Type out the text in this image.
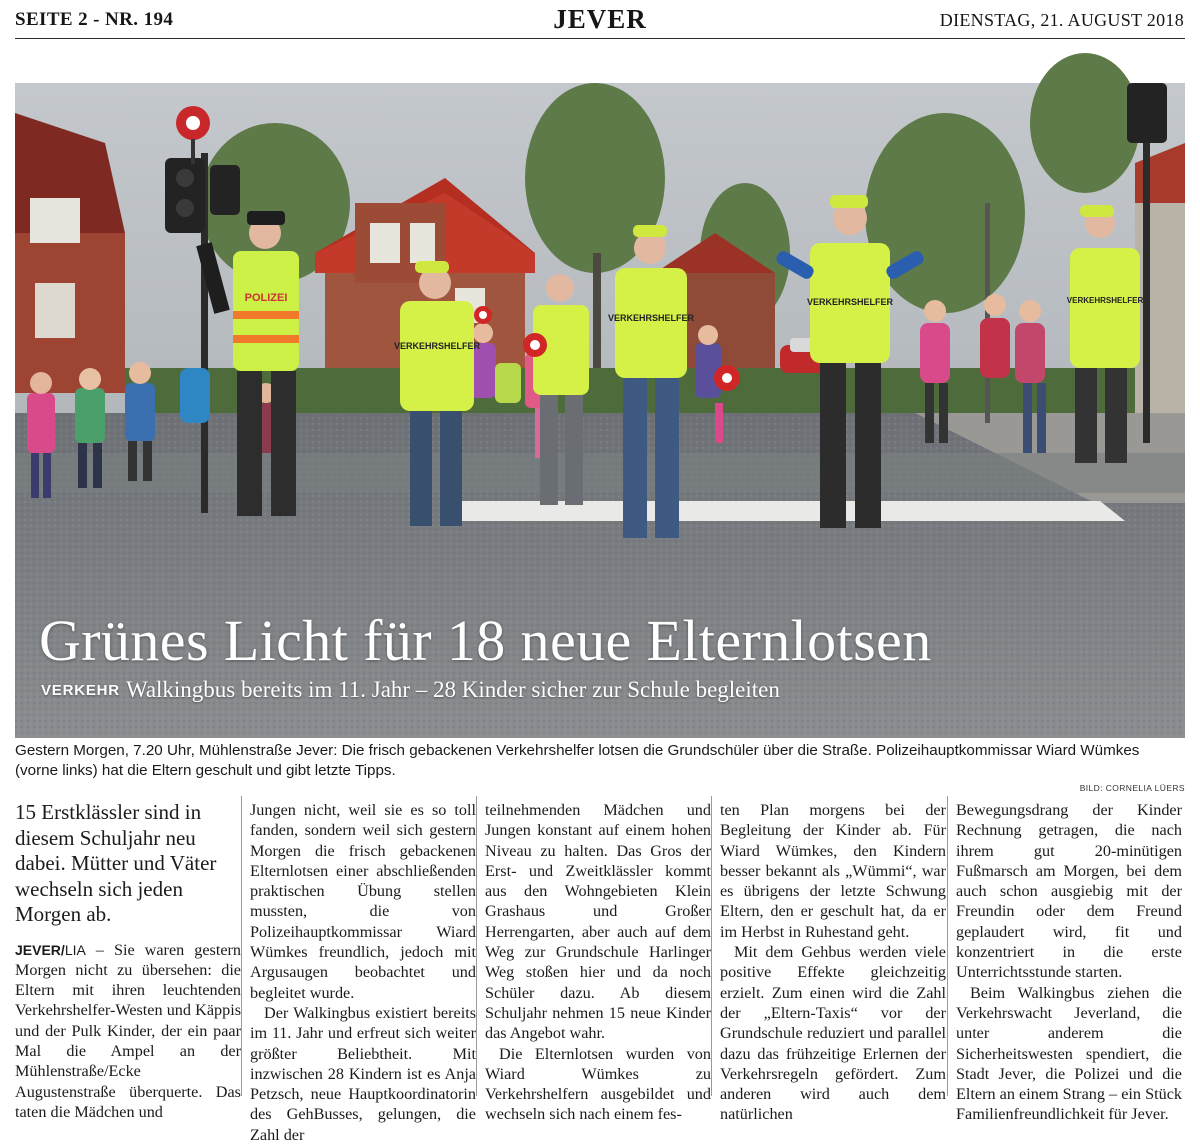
SEITE 2 - NR. 194	JEVER	DIENSTAG, 21. AUGUST 2018
POLIZEI
VERKEHRSHELFER
VERKEHRSHELFER
VERKEHRSHELFER	VERKEHRSHELFER
Grünes Licht für 18 neue Elternlotsen
VERKEHR Walkingbus bereits im 11. Jahr – 28 Kinder sicher zur Schule begleiten
Gestern Morgen, 7.20 Uhr, Mühlenstraße Jever: Die frisch gebackenen Verkehrshelfer lotsen die Grundschüler über die Straße. Polizeihauptkommissar Wiard Wümkes (vorne links) hat die Eltern geschult und gibt letzte Tipps.
BILD: CORNELIA LÜERS

15 Erstklässler sind in diesem Schuljahr neu dabei. Mütter und Väter wechseln sich jeden Morgen ab.

JEVER/LIA – Sie waren gestern Morgen nicht zu übersehen: die Eltern mit ihren leuchtenden Verkehrshelfer-Westen und Käppis und der Pulk Kinder, der ein paar Mal die Ampel an der Mühlenstraße/Ecke Augustenstraße überquerte. Das taten die Mädchen und

Jungen nicht, weil sie es so toll fanden, sondern weil sich gestern Morgen die frisch gebackenen Elternlotsen einer abschließenden praktischen Übung stellen mussten, die von Polizeihauptkommissar Wiard Wümkes freundlich, jedoch mit Argusaugen beobachtet und begleitet wurde.

Der Walkingbus existiert bereits im 11. Jahr und erfreut sich weiter größter Beliebtheit. Mit inzwischen 28 Kindern ist es Anja Petzsch, neue Hauptkoordinatorin des GehBusses, gelungen, die Zahl der

teilnehmenden Mädchen und Jungen konstant auf einem hohen Niveau zu halten. Das Gros der Erst- und Zweitklässler kommt aus den Wohngebieten Klein Grashaus und Großer Herrengarten, aber auch auf dem Weg zur Grundschule Harlinger Weg stoßen hier und da noch Schüler dazu. Ab diesem Schuljahr nehmen 15 neue Kinder das Angebot wahr.

Die Elternlotsen wurden von Wiard Wümkes zu Verkehrshelfern ausgebildet und wechseln sich nach einem fes-

ten Plan morgens bei der Begleitung der Kinder ab. Für Wiard Wümkes, den Kindern besser bekannt als „Wümmi“, war es übrigens der letzte Schwung Eltern, den er geschult hat, da er im Herbst in Ruhestand geht.

Mit dem Gehbus werden viele positive Effekte gleichzeitig erzielt. Zum einen wird die Zahl der „Eltern-Taxis“ vor der Grundschule reduziert und parallel dazu das frühzeitige Erlernen der Verkehrsregeln gefördert. Zum anderen wird auch dem natürlichen

Bewegungsdrang der Kinder Rechnung getragen, die nach ihrem gut 20-minütigen Fußmarsch am Morgen, bei dem auch schon ausgiebig mit der Freundin oder dem Freund geplaudert wird, fit und konzentriert in die erste Unterrichtsstunde starten.

Beim Walkingbus ziehen die Verkehrswacht Jeverland, die unter anderem die Sicherheitswesten spendiert, die Stadt Jever, die Polizei und die Eltern an einem Strang – ein Stück Familienfreundlichkeit für Jever.
